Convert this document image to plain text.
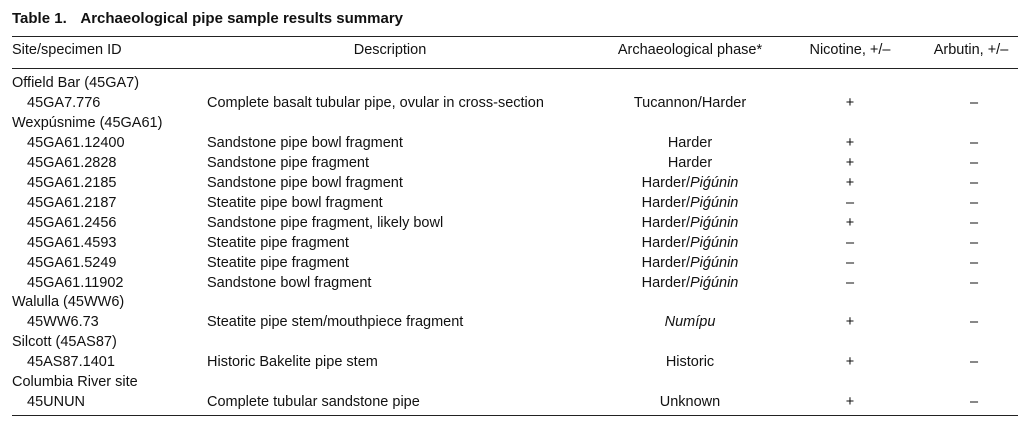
Table 1. Archaeological pipe sample results summary
Site/specimen ID	Description	Archaeological phase*	Nicotine, +/–	Arbutin, +/–
Offield Bar (45GA7)
45GA7.776	Complete basalt tubular pipe, ovular in cross-section	Tucannon/Harder	+	–
Wexpúsnime (45GA61)
45GA61.12400	Sandstone pipe bowl fragment	Harder	+	–
45GA61.2828	Sandstone pipe fragment	Harder	+	–
45GA61.2185	Sandstone pipe bowl fragment	Harder/Piǵúnin	+	–
45GA61.2187	Steatite pipe bowl fragment	Harder/Piǵúnin	–	–
45GA61.2456	Sandstone pipe fragment, likely bowl	Harder/Piǵúnin	+	–
45GA61.4593	Steatite pipe fragment	Harder/Piǵúnin	–	–
45GA61.5249	Steatite pipe fragment	Harder/Piǵúnin	–	–
45GA61.11902	Sandstone bowl fragment	Harder/Piǵúnin	–	–
Walulla (45WW6)
45WW6.73	Steatite pipe stem/mouthpiece fragment	Numípu	+	–
Silcott (45AS87)
45AS87.1401	Historic Bakelite pipe stem	Historic	+	–
Columbia River site
45UNUN	Complete tubular sandstone pipe	Unknown	+	–
